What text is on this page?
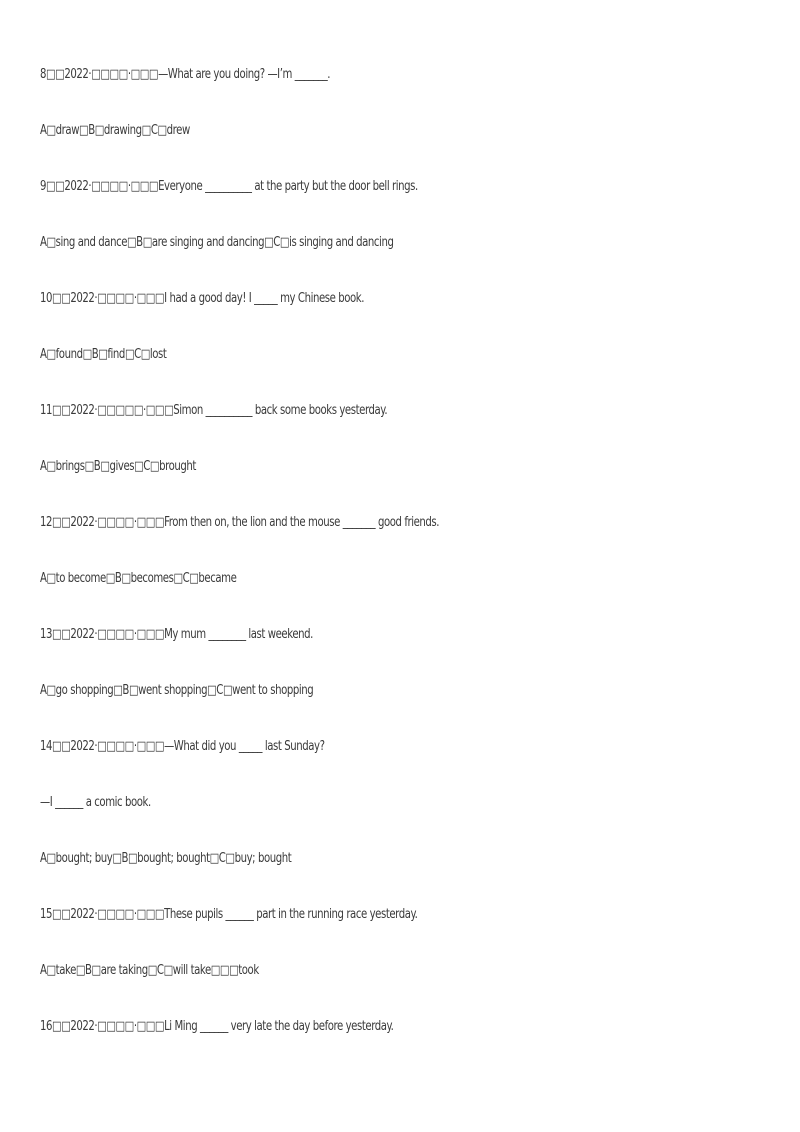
8□□2022·□□□□·□□□—What are you doing? —I’m _______.
A□draw□B□drawing□C□drew
9□□2022·□□□□·□□□Everyone __________ at the party but the door bell rings.
A□sing and dance□B□are singing and dancing□C□is singing and dancing
10□□2022·□□□□·□□□I had a good day! I _____ my Chinese book.
A□found□B□find□C□lost
11□□2022·□□□□□·□□□Simon __________ back some books yesterday.
A□brings□B□gives□C□brought
12□□2022·□□□□·□□□From then on, the lion and the mouse _______ good friends.
A□to become□B□becomes□C□became
13□□2022·□□□□·□□□My mum ________ last weekend.
A□go shopping□B□went shopping□C□went to shopping
14□□2022·□□□□·□□□—What did you _____ last Sunday?
—I ______ a comic book.
A□bought; buy□B□bought; bought□C□buy; bought
15□□2022·□□□□·□□□These pupils ______ part in the running race yesterday.
A□take□B□are taking□C□will take□□□took
16□□2022·□□□□·□□□Li Ming ______ very late the day before yesterday.
